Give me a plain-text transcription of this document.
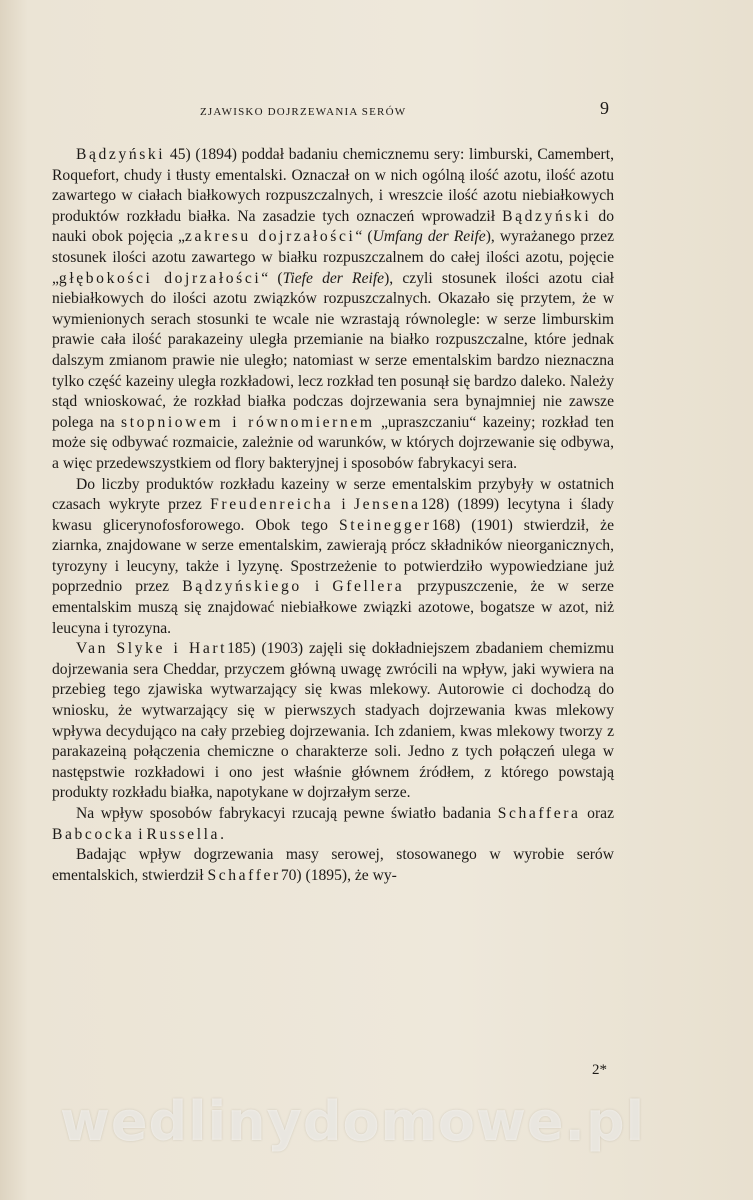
ZJAWISKO DOJRZEWANIA SERÓW	9

Bądzyński 45) (1894) poddał badaniu chemicznemu sery: limburski, Camembert, Roquefort, chudy i tłusty ementalski. Oznaczał on w nich ogólną ilość azotu, ilość azotu zawartego w ciałach białkowych rozpuszczalnych, i wreszcie ilość azotu niebiałkowych produktów rozkładu białka. Na zasadzie tych oznaczeń wprowadził Bądzyński do nauki obok pojęcia „zakresu dojrzałości“ (Umfang der Reife), wyrażanego przez stosunek ilości azotu zawartego w białku rozpuszczalnem do całej ilości azotu, pojęcie „głębokości dojrzałości“ (Tiefe der Reife), czyli stosunek ilości azotu ciał niebiałkowych do ilości azotu związków rozpuszczalnych. Okazało się przytem, że w wymienionych serach stosunki te wcale nie wzrastają równolegle: w serze limburskim prawie cała ilość parakazeiny uległa przemianie na białko rozpuszczalne, które jednak dalszym zmianom prawie nie uległo; natomiast w serze ementalskim bardzo nieznaczna tylko część kazeiny uległa rozkładowi, lecz rozkład ten posunął się bardzo daleko. Należy stąd wnioskować, że rozkład białka podczas dojrzewania sera bynajmniej nie zawsze polega na stopniowem i równomiernem „upraszczaniu“ kazeiny; rozkład ten może się odbywać rozmaicie, zależnie od warunków, w których dojrzewanie się odbywa, a więc przedewszystkiem od flory bakteryjnej i sposobów fabrykacyi sera.

Do liczby produktów rozkładu kazeiny w serze ementalskim przybyły w ostatnich czasach wykryte przez Freudenreicha i Jensena128) (1899) lecytyna i ślady kwasu glicerynofosforowego. Obok tego Steinegger168) (1901) stwierdził, że ziarnka, znajdowane w serze ementalskim, zawierają prócz składników nieorganicznych, tyrozyny i leucyny, także i lyzynę. Spostrzeżenie to potwierdziło wypowiedziane już poprzednio przez Bądzyńskiego i Gfellera przypuszczenie, że w serze ementalskim muszą się znajdować niebiałkowe związki azotowe, bogatsze w azot, niż leucyna i tyrozyna.

Van Slyke i Hart185) (1903) zajęli się dokładniejszem zbadaniem chemizmu dojrzewania sera Cheddar, przyczem główną uwagę zwrócili na wpływ, jaki wywiera na przebieg tego zjawiska wytwarzający się kwas mlekowy. Autorowie ci dochodzą do wniosku, że wytwarzający się w pierwszych stadyach dojrzewania kwas mlekowy wpływa decydująco na cały przebieg dojrzewania. Ich zdaniem, kwas mlekowy tworzy z parakazeiną połączenia chemiczne o charakterze soli. Jedno z tych połączeń ulega w następstwie rozkładowi i ono jest właśnie głównem źródłem, z którego powstają produkty rozkładu białka, napotykane w dojrzałym serze.

Na wpływ sposobów fabrykacyi rzucają pewne światło badania Schaffera oraz Babcocka i Russella.

Badając wpływ dogrzewania masy serowej, stosowanego w wyrobie serów ementalskich, stwierdził Schaffer70) (1895), że wy-

2*
wedlinydomowe.pl
